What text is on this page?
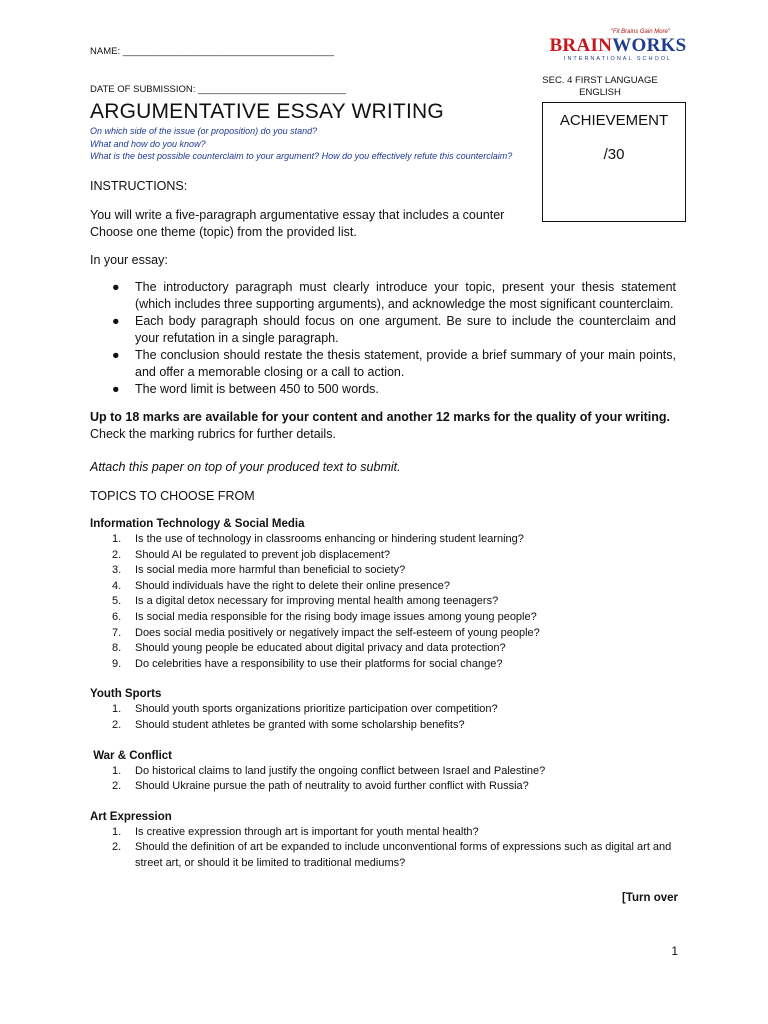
NAME: ________________________________________
DATE OF SUBMISSION: ____________________________
ARGUMENTATIVE ESSAY WRITING
On which side of the issue (or proposition) do you stand?
What and how do you know?
What is the best possible counterclaim to your argument? How do you effectively refute this counterclaim?
"Fit Brains Gain More"
BRAINWORKS
INTERNATIONAL SCHOOL
SEC. 4 FIRST LANGUAGE
ENGLISH

INSTRUCTIONS:

You will write a five-paragraph argumentative essay that includes a counter

Choose one theme (topic) from the provided list.

In your essay:

● The introductory paragraph must clearly introduce your topic, present your thesis statement (which includes three supporting arguments), and acknowledge the most significant counterclaim.
● Each body paragraph should focus on one argument. Be sure to include the counterclaim and your refutation in a single paragraph.
● The conclusion should restate the thesis statement, provide a brief summary of your main points, and offer a memorable closing or a call to action.
● The word limit is between 450 to 500 words.

Up to 18 marks are available for your content and another 12 marks for the quality of your writing.

Check the marking rubrics for further details.

Attach this paper on top of your produced text to submit.

TOPICS TO CHOOSE FROM

Information Technology & Social Media
1. Is the use of technology in classrooms enhancing or hindering student learning?
2. Should AI be regulated to prevent job displacement?
3. Is social media more harmful than beneficial to society?
4. Should individuals have the right to delete their online presence?
5. Is a digital detox necessary for improving mental health among teenagers?
6. Is social media responsible for the rising body image issues among young people?
7. Does social media positively or negatively impact the self-esteem of young people?
8. Should young people be educated about digital privacy and data protection?
9. Do celebrities have a responsibility to use their platforms for social change?
Youth Sports
1. Should youth sports organizations prioritize participation over competition?
2. Should student athletes be granted with some scholarship benefits?
War & Conflict
1. Do historical claims to land justify the ongoing conflict between Israel and Palestine?
2. Should Ukraine pursue the path of neutrality to avoid further conflict with Russia?
Art Expression
1. Is creative expression through art is important for youth mental health?
2. Should the definition of art be expanded to include unconventional forms of expressions such as digital art and street art, or should it be limited to traditional mediums?
ACHIEVEMENT
/30
[Turn over
1
